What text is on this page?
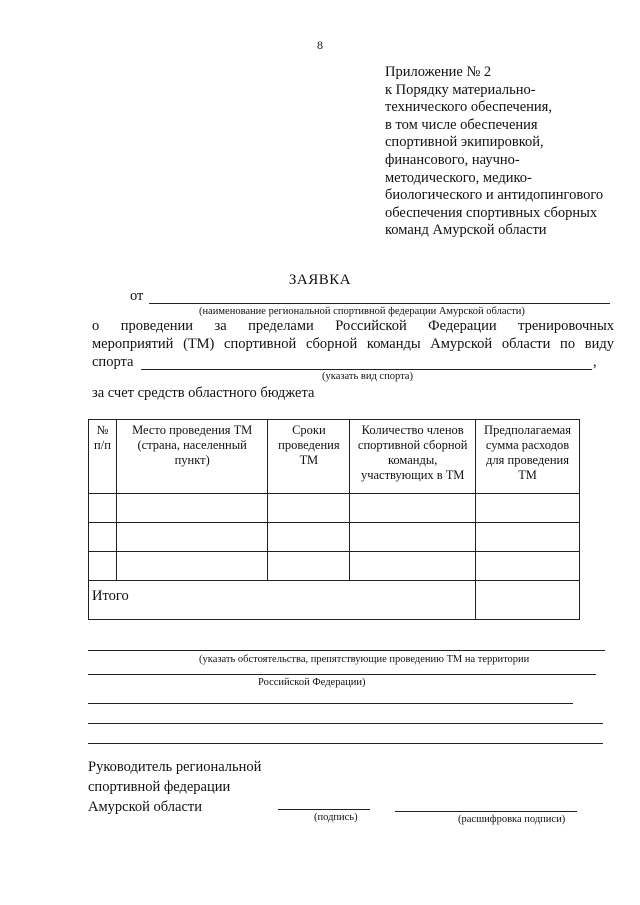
8
Приложение № 2
к Порядку материально-
технического обеспечения,
в том числе обеспечения
спортивной экипировкой,
финансового, научно-
методического, медико-
биологического и антидопингового
обеспечения спортивных сборных
команд Амурской области
ЗАЯВКА
от
(наименование региональной спортивной федерации Амурской области)
о проведении за пределами Российской Федерации тренировочных
мероприятий (ТМ) спортивной сборной команды Амурской области по виду
спорта	,
(указать вид спорта)
за счет средств областного бюджета
№ п/п	Место проведения ТМ (страна, населенный пункт)	Сроки проведения ТМ	Количество членов спортивной сборной команды, участвующих в ТМ	Предполагаемая сумма расходов для проведения ТМ

Итого				
(указать обстоятельства, препятствующие проведению ТМ на территории
Российской Федерации)
Руководитель региональной
спортивной федерации
Амурской области
(подпись)	(расшифровка подписи)
